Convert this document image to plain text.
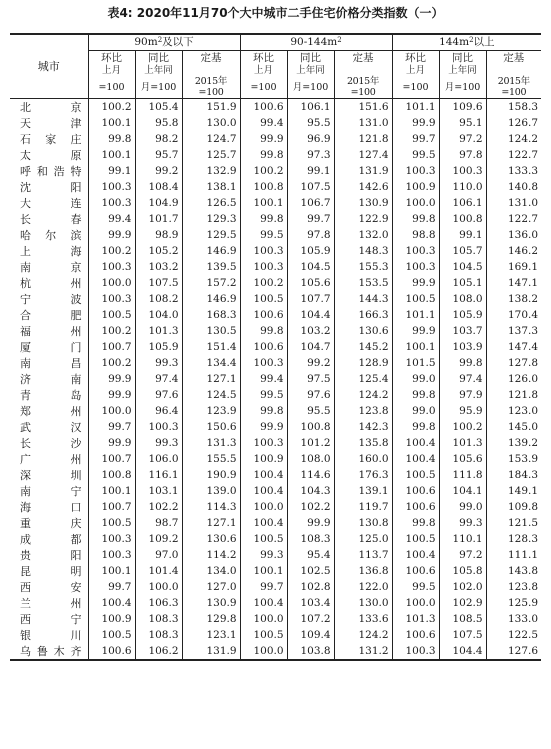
表4: 2020年11月70个大中城市二手住宅价格分类指数（一）
城市	$90m^2$及以下			$90-144m^2$			$144m^2$以上		
	环比	同比	定基	环比	同比	定基	环比	同比	定基
	上月	上年同		上月	上年同		上月	上年同	
	=100	月=100	2015年=100	=100	月=100	2015年=100	=100	月=100	2015年=100
北京	100.2	105.4	151.9	100.6	106.1	151.6	101.1	109.6	158.3
天津	100.1	95.8	130.0	99.4	95.5	131.0	99.9	95.1	126.7
石家庄	99.8	98.2	124.7	99.9	96.9	121.8	99.7	97.2	124.2
太原	100.1	95.7	125.7	99.8	97.3	127.4	99.5	97.8	122.7
呼和浩特	99.1	99.2	132.9	100.2	99.1	131.9	100.3	100.3	133.3
沈阳	100.3	108.4	138.1	100.8	107.5	142.6	100.9	110.0	140.8
大连	100.3	104.9	126.5	100.1	106.7	130.9	100.0	106.1	131.0
长春	99.4	101.7	129.3	99.8	99.7	122.9	99.8	100.8	122.7
哈尔滨	99.9	98.9	129.5	99.5	97.8	132.0	98.8	99.1	136.0
上海	100.2	105.2	146.9	100.3	105.9	148.3	100.3	105.7	146.2
南京	100.3	103.2	139.5	100.3	104.5	155.3	100.3	104.5	169.1
杭州	100.0	107.5	157.2	100.2	105.6	153.5	99.9	105.1	147.1
宁波	100.3	108.2	146.9	100.5	107.7	144.3	100.5	108.0	138.2
合肥	100.5	104.0	168.3	100.6	104.4	166.3	101.1	105.9	170.4
福州	100.2	101.3	130.5	99.8	103.2	130.6	99.9	103.7	137.3
厦门	100.7	105.9	151.4	100.6	104.7	145.2	100.1	103.9	147.4
南昌	100.2	99.3	134.4	100.3	99.2	128.9	101.5	99.8	127.8
济南	99.9	97.4	127.1	99.4	97.5	125.4	99.0	97.4	126.0
青岛	99.9	97.6	124.5	99.5	97.6	124.2	99.8	97.9	121.8
郑州	100.0	96.4	123.9	99.8	95.5	123.8	99.0	95.9	123.0
武汉	99.7	100.3	150.6	99.9	100.8	142.3	99.8	100.2	145.0
长沙	99.9	99.3	131.3	100.3	101.2	135.8	100.4	101.3	139.2
广州	100.7	106.0	155.5	100.9	108.0	160.0	100.4	105.6	153.9
深圳	100.8	116.1	190.9	100.4	114.6	176.3	100.5	111.8	184.3
南宁	100.1	103.1	139.0	100.4	104.3	139.1	100.6	104.1	149.1
海口	100.7	102.2	114.3	100.0	102.2	119.7	100.6	99.0	109.8
重庆	100.5	98.7	127.1	100.4	99.9	130.8	99.8	99.3	121.5
成都	100.3	109.2	130.6	100.5	108.3	125.0	100.5	110.1	128.3
贵阳	100.3	97.0	114.2	99.3	95.4	113.7	100.4	97.2	111.1
昆明	100.1	101.4	134.0	100.1	102.5	136.8	100.6	105.8	143.8
西安	99.7	100.0	127.0	99.7	102.8	122.0	99.5	102.0	123.8
兰州	100.4	106.3	130.9	100.4	103.4	130.0	100.0	102.9	125.9
西宁	100.9	108.3	129.8	100.0	107.2	133.6	101.3	108.5	133.0
银川	100.5	108.3	123.1	100.5	109.4	124.2	100.6	107.5	122.5
乌鲁木齐	100.6	106.2	131.9	100.0	103.8	131.2	100.3	104.4	127.6
